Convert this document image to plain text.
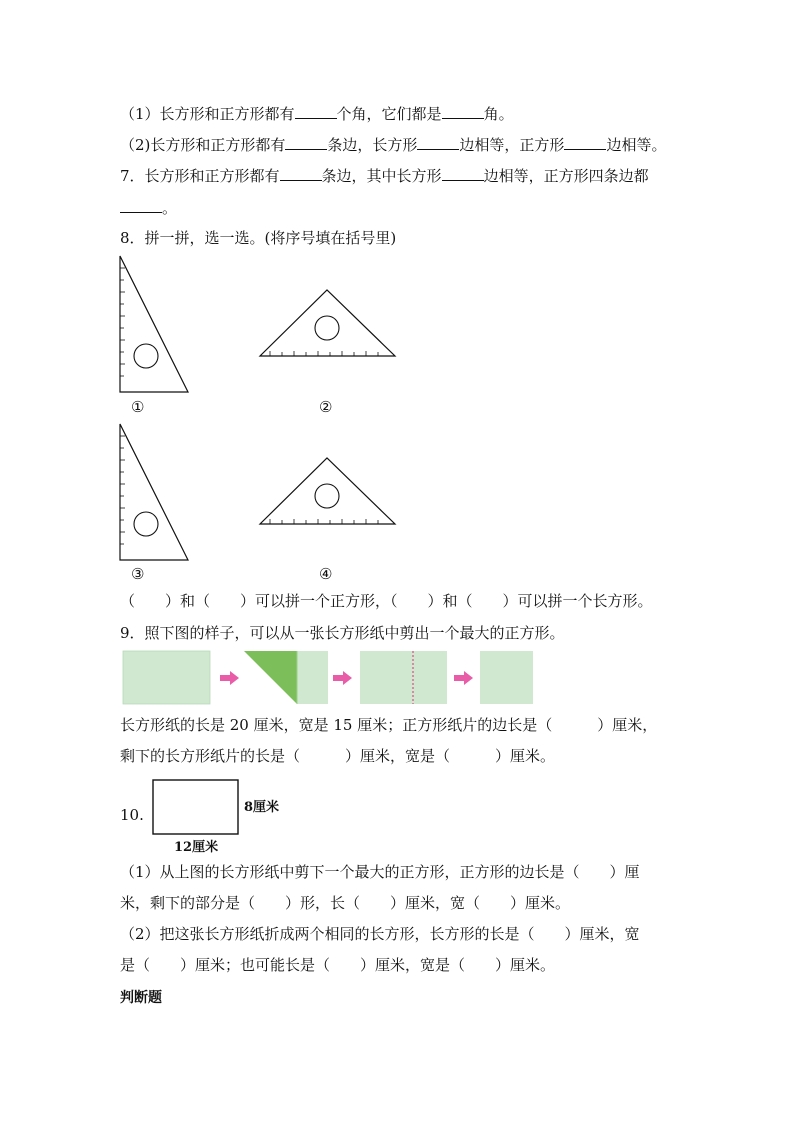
（1）长方形和正方形都有	个角，它们都是	角。
（2)长方形和正方形都有	条边，长方形	边相等，正方形	边相等。
7．长方形和正方形都有	条边，其中长方形	边相等，正方形四条边都
。
8．拼一拼，选一选。(将序号填在括号里)
①	②
③	④
（　　）和（　　）可以拼一个正方形，（　　）和（　　）可以拼一个长方形。
9．照下图的样子，可以从一张长方形纸中剪出一个最大的正方形。
长方形纸的长是 20 厘米，宽是 15 厘米；正方形纸片的边长是（　　　）厘米，
剩下的长方形纸片的长是（　　　）厘米，宽是（　　　）厘米。
10.	8厘米
12厘米
（1）从上图的长方形纸中剪下一个最大的正方形，正方形的边长是（　　）厘
米，剩下的部分是（　　）形，长（　　）厘米，宽（　　）厘米。
（2）把这张长方形纸折成两个相同的长方形，长方形的长是（　　）厘米，宽
是（　　）厘米；也可能长是（　　）厘米，宽是（　　）厘米。
判断题
